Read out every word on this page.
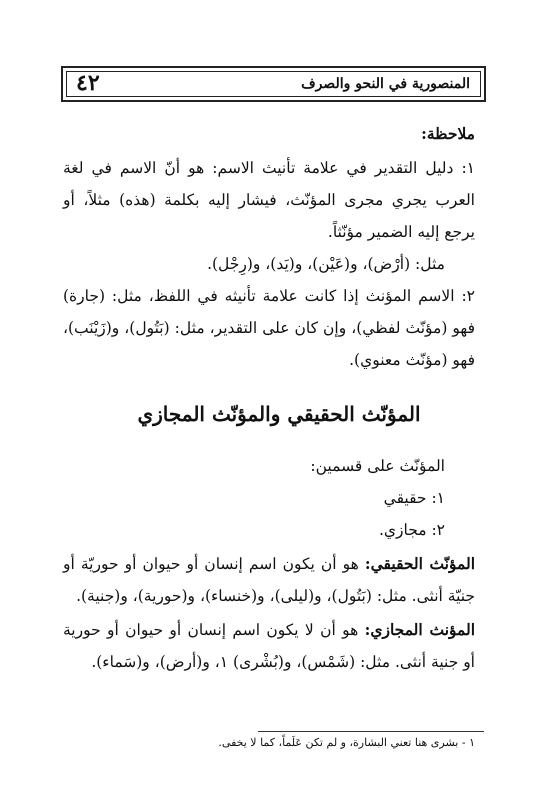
٤٢	المنصورية في النحو والصرف

ملاحظة:

١: دليل التقدير في علامة تأنيث الاسم: هو أنّ الاسم في لغة العرب يجري مجرى المؤنّث، فيشار إليه بكلمة (هذه) مثلاً، أو يرجع إليه الضمير مؤنّثاً.

مثل: (أرْض)، و(عَيْن)، و(يَد)، و(رِجْل).

٢: الاسم المؤنث إذا كانت علامة تأنيثه في اللفظ، مثل: (جارة) فهو (مؤنّث لفظي)، وإن كان على التقدير، مثل: (بَتُول)، و(زَيْنَب)، فهو (مؤنّث معنوي).

المؤنّث الحقيقي والمؤنّث المجازي

المؤنّث على قسمين:

١: حقيقي

٢: مجازي.

المؤنّث الحقيقي: هو أن يكون اسم إنسان أو حيوان أو حوريّة أو جنيّة أنثى. مثل: (بَتُول)، و(ليلى)، و(خنساء)، و(حورية)، و(جنية).

المؤنث المجازي: هو أن لا يكون اسم إنسان أو حيوان أو حورية أو جنية أنثى. مثل: (شَمْس)، و(بُشْرى) ١، و(أرض)، و(سَماء).

١ - بشرى هنا تعني البشارة، و لم تكن عَلَماً، كما لا يخفى.
